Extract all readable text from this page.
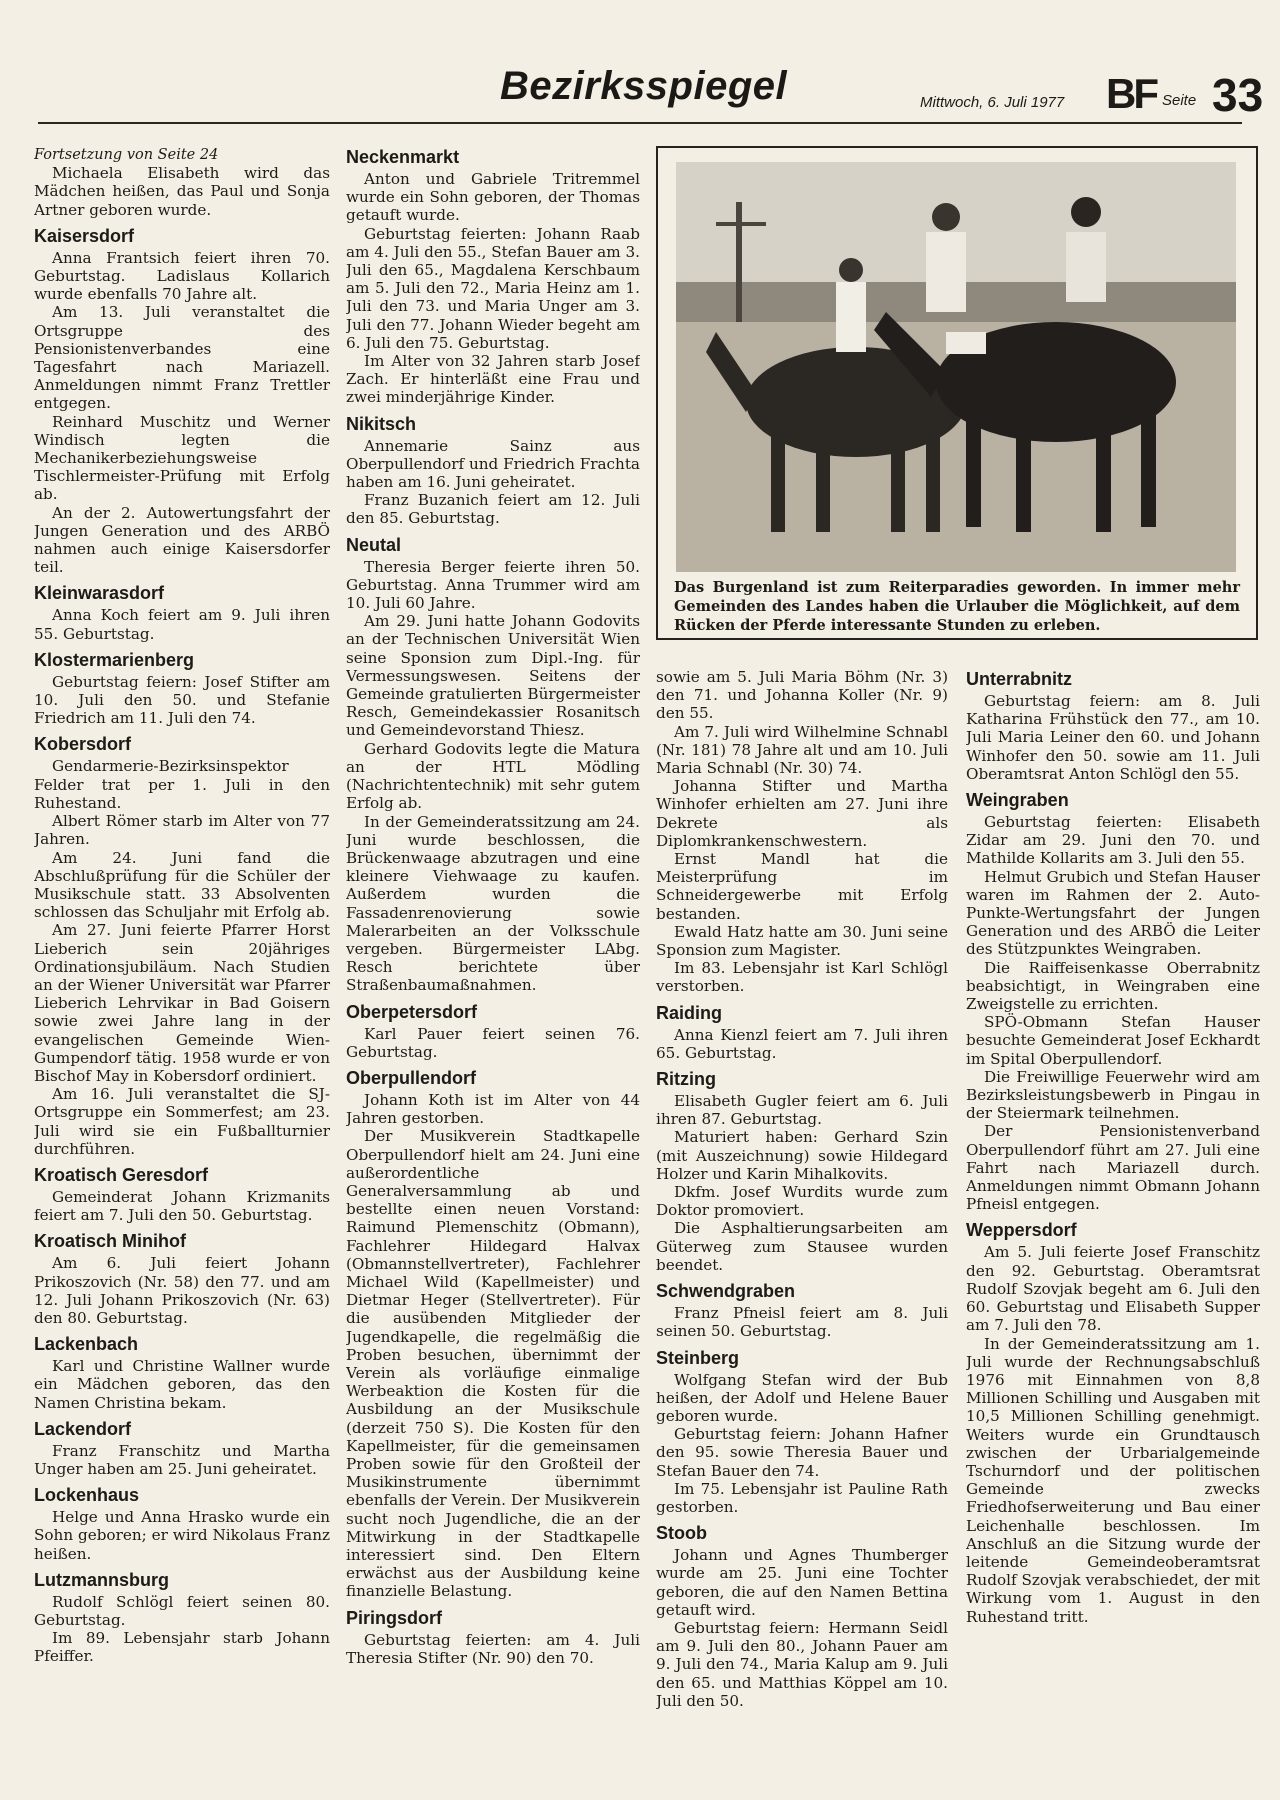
Bezirksspiegel	Mittwoch, 6. Juli 1977 BF Seite 33

Fortsetzung von Seite 24

Michaela Elisabeth wird das Mädchen heißen, das Paul und Sonja Artner geboren wurde.

Kaisersdorf

Anna Frantsich feiert ihren 70. Geburtstag. Ladislaus Kollarich wurde ebenfalls 70 Jahre alt.

Am 13. Juli veranstaltet die Ortsgruppe des Pensionistenverbandes eine Tagesfahrt nach Mariazell. Anmeldungen nimmt Franz Trettler entgegen.

Reinhard Muschitz und Werner Windisch legten die Mechanikerbeziehungsweise Tischlermeister-Prüfung mit Erfolg ab.

An der 2. Autowertungsfahrt der Jungen Generation und des ARBÖ nahmen auch einige Kaisersdorfer teil.

Kleinwarasdorf

Anna Koch feiert am 9. Juli ihren 55. Geburtstag.

Klostermarienberg

Geburtstag feiern: Josef Stifter am 10. Juli den 50. und Stefanie Friedrich am 11. Juli den 74.

Kobersdorf

Gendarmerie-Bezirksinspektor Felder trat per 1. Juli in den Ruhestand.

Albert Römer starb im Alter von 77 Jahren.

Am 24. Juni fand die Abschlußprüfung für die Schüler der Musikschule statt. 33 Absolventen schlossen das Schuljahr mit Erfolg ab.

Am 27. Juni feierte Pfarrer Horst Lieberich sein 20jähriges Ordinationsjubiläum. Nach Studien an der Wiener Universität war Pfarrer Lieberich Lehrvikar in Bad Goisern sowie zwei Jahre lang in der evangelischen Gemeinde Wien-Gumpendorf tätig. 1958 wurde er von Bischof May in Kobersdorf ordiniert.

Am 16. Juli veranstaltet die SJ-Ortsgruppe ein Sommerfest; am 23. Juli wird sie ein Fußballturnier durchführen.

Kroatisch Geresdorf

Gemeinderat Johann Krizmanits feiert am 7. Juli den 50. Geburtstag.

Kroatisch Minihof

Am 6. Juli feiert Johann Prikoszovich (Nr. 58) den 77. und am 12. Juli Johann Prikoszovich (Nr. 63) den 80. Geburtstag.

Lackenbach

Karl und Christine Wallner wurde ein Mädchen geboren, das den Namen Christina bekam.

Lackendorf

Franz Franschitz und Martha Unger haben am 25. Juni geheiratet.

Lockenhaus

Helge und Anna Hrasko wurde ein Sohn geboren; er wird Nikolaus Franz heißen.

Lutzmannsburg

Rudolf Schlögl feiert seinen 80. Geburtstag.

Im 89. Lebensjahr starb Johann Pfeiffer.

Neckenmarkt

Anton und Gabriele Tritremmel wurde ein Sohn geboren, der Thomas getauft wurde.

Geburtstag feierten: Johann Raab am 4. Juli den 55., Stefan Bauer am 3. Juli den 65., Magdalena Kerschbaum am 5. Juli den 72., Maria Heinz am 1. Juli den 73. und Maria Unger am 3. Juli den 77. Johann Wieder begeht am 6. Juli den 75. Geburtstag.

Im Alter von 32 Jahren starb Josef Zach. Er hinterläßt eine Frau und zwei minderjährige Kinder.

Nikitsch

Annemarie Sainz aus Oberpullendorf und Friedrich Frachta haben am 16. Juni geheiratet.

Franz Buzanich feiert am 12. Juli den 85. Geburtstag.

Neutal

Theresia Berger feierte ihren 50. Geburtstag. Anna Trummer wird am 10. Juli 60 Jahre.

Am 29. Juni hatte Johann Godovits an der Technischen Universität Wien seine Sponsion zum Dipl.-Ing. für Vermessungswesen. Seitens der Gemeinde gratulierten Bürgermeister Resch, Gemeindekassier Rosanitsch und Gemeindevorstand Thiesz.

Gerhard Godovits legte die Matura an der HTL Mödling (Nachrichtentechnik) mit sehr gutem Erfolg ab.

In der Gemeinderatssitzung am 24. Juni wurde beschlossen, die Brückenwaage abzutragen und eine kleinere Viehwaage zu kaufen. Außerdem wurden die Fassadenrenovierung sowie Malerarbeiten an der Volksschule vergeben. Bürgermeister LAbg. Resch berichtete über Straßenbaumaßnahmen.

Oberpetersdorf

Karl Pauer feiert seinen 76. Geburtstag.

Oberpullendorf

Johann Koth ist im Alter von 44 Jahren gestorben.

Der Musikverein Stadtkapelle Oberpullendorf hielt am 24. Juni eine außerordentliche Generalversammlung ab und bestellte einen neuen Vorstand: Raimund Plemenschitz (Obmann), Fachlehrer Hildegard Halvax (Obmannstellvertreter), Fachlehrer Michael Wild (Kapellmeister) und Dietmar Heger (Stellvertreter). Für die ausübenden Mitglieder der Jugendkapelle, die regelmäßig die Proben besuchen, übernimmt der Verein als vorläufige einmalige Werbeaktion die Kosten für die Ausbildung an der Musikschule (derzeit 750 S). Die Kosten für den Kapellmeister, für die gemeinsamen Proben sowie für den Großteil der Musikinstrumente übernimmt ebenfalls der Verein. Der Musikverein sucht noch Jugendliche, die an der Mitwirkung in der Stadtkapelle interessiert sind. Den Eltern erwächst aus der Ausbildung keine finanzielle Belastung.

Piringsdorf

Geburtstag feierten: am 4. Juli Theresia Stifter (Nr. 90) den 70.

Das Burgenland ist zum Reiterparadies geworden. In immer mehr Gemeinden des Landes haben die Urlauber die Möglichkeit, auf dem Rücken der Pferde interessante Stunden zu erleben.

sowie am 5. Juli Maria Böhm (Nr. 3) den 71. und Johanna Koller (Nr. 9) den 55.

Am 7. Juli wird Wilhelmine Schnabl (Nr. 181) 78 Jahre alt und am 10. Juli Maria Schnabl (Nr. 30) 74.

Johanna Stifter und Martha Winhofer erhielten am 27. Juni ihre Dekrete als Diplomkrankenschwestern.

Ernst Mandl hat die Meisterprüfung im Schneidergewerbe mit Erfolg bestanden.

Ewald Hatz hatte am 30. Juni seine Sponsion zum Magister.

Im 83. Lebensjahr ist Karl Schlögl verstorben.

Raiding

Anna Kienzl feiert am 7. Juli ihren 65. Geburtstag.

Ritzing

Elisabeth Gugler feiert am 6. Juli ihren 87. Geburtstag.

Maturiert haben: Gerhard Szin (mit Auszeichnung) sowie Hildegard Holzer und Karin Mihalkovits.

Dkfm. Josef Wurdits wurde zum Doktor promoviert.

Die Asphaltierungsarbeiten am Güterweg zum Stausee wurden beendet.

Schwendgraben

Franz Pfneisl feiert am 8. Juli seinen 50. Geburtstag.

Steinberg

Wolfgang Stefan wird der Bub heißen, der Adolf und Helene Bauer geboren wurde.

Geburtstag feiern: Johann Hafner den 95. sowie Theresia Bauer und Stefan Bauer den 74.

Im 75. Lebensjahr ist Pauline Rath gestorben.

Stoob

Johann und Agnes Thumberger wurde am 25. Juni eine Tochter geboren, die auf den Namen Bettina getauft wird.

Geburtstag feiern: Hermann Seidl am 9. Juli den 80., Johann Pauer am 9. Juli den 74., Maria Kalup am 9. Juli den 65. und Matthias Köppel am 10. Juli den 50.

Unterrabnitz

Geburtstag feiern: am 8. Juli Katharina Frühstück den 77., am 10. Juli Maria Leiner den 60. und Johann Winhofer den 50. sowie am 11. Juli Oberamtsrat Anton Schlögl den 55.

Weingraben

Geburtstag feierten: Elisabeth Zidar am 29. Juni den 70. und Mathilde Kollarits am 3. Juli den 55.

Helmut Grubich und Stefan Hauser waren im Rahmen der 2. Auto-Punkte-Wertungsfahrt der Jungen Generation und des ARBÖ die Leiter des Stützpunktes Weingraben.

Die Raiffeisenkasse Oberrabnitz beabsichtigt, in Weingraben eine Zweigstelle zu errichten.

SPÖ-Obmann Stefan Hauser besuchte Gemeinderat Josef Eckhardt im Spital Oberpullendorf.

Die Freiwillige Feuerwehr wird am Bezirksleistungsbewerb in Pingau in der Steiermark teilnehmen.

Der Pensionistenverband Oberpullendorf führt am 27. Juli eine Fahrt nach Mariazell durch. Anmeldungen nimmt Obmann Johann Pfneisl entgegen.

Weppersdorf

Am 5. Juli feierte Josef Franschitz den 92. Geburtstag. Oberamtsrat Rudolf Szovjak begeht am 6. Juli den 60. Geburtstag und Elisabeth Supper am 7. Juli den 78.

In der Gemeinderatssitzung am 1. Juli wurde der Rechnungsabschluß 1976 mit Einnahmen von 8,8 Millionen Schilling und Ausgaben mit 10,5 Millionen Schilling genehmigt. Weiters wurde ein Grundtausch zwischen der Urbarialgemeinde Tschurndorf und der politischen Gemeinde zwecks Friedhofserweiterung und Bau einer Leichenhalle beschlossen. Im Anschluß an die Sitzung wurde der leitende Gemeindeoberamtsrat Rudolf Szovjak verabschiedet, der mit Wirkung vom 1. August in den Ruhestand tritt.
